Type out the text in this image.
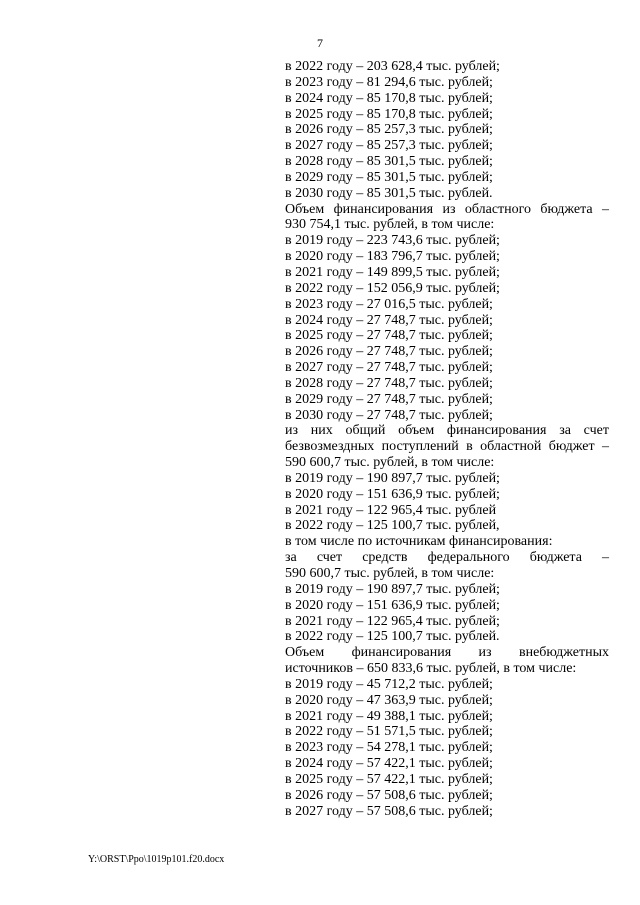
7
в 2022 году – 203 628,4 тыс. рублей;
в 2023 году – 81 294,6 тыс. рублей;
в 2024 году – 85 170,8 тыс. рублей;
в 2025 году – 85 170,8 тыс. рублей;
в 2026 году – 85 257,3 тыс. рублей;
в 2027 году – 85 257,3 тыс. рублей;
в 2028 году – 85 301,5 тыс. рублей;
в 2029 году – 85 301,5 тыс. рублей;
в 2030 году – 85 301,5 тыс. рублей.
Объем финансирования из областного бюджета –
930 754,1 тыс. рублей, в том числе:
в 2019 году – 223 743,6 тыс. рублей;
в 2020 году – 183 796,7 тыс. рублей;
в 2021 году – 149 899,5 тыс. рублей;
в 2022 году – 152 056,9 тыс. рублей;
в 2023 году – 27 016,5 тыс. рублей;
в 2024 году – 27 748,7 тыс. рублей;
в 2025 году – 27 748,7 тыс. рублей;
в 2026 году – 27 748,7 тыс. рублей;
в 2027 году – 27 748,7 тыс. рублей;
в 2028 году – 27 748,7 тыс. рублей;
в 2029 году – 27 748,7 тыс. рублей;
в 2030 году – 27 748,7 тыс. рублей;
из них общий объем финансирования за счет
безвозмездных поступлений в областной бюджет –
590 600,7 тыс. рублей, в том числе:
в 2019 году – 190 897,7 тыс. рублей;
в 2020 году – 151 636,9 тыс. рублей;
в 2021 году – 122 965,4 тыс. рублей
в 2022 году – 125 100,7 тыс. рублей,
в том числе по источникам финансирования:
за счет средств федерального бюджета –
590 600,7 тыс. рублей, в том числе:
в 2019 году – 190 897,7 тыс. рублей;
в 2020 году – 151 636,9 тыс. рублей;
в 2021 году – 122 965,4 тыс. рублей;
в 2022 году – 125 100,7 тыс. рублей.
Объем финансирования из внебюджетных
источников – 650 833,6 тыс. рублей, в том числе:
в 2019 году – 45 712,2 тыс. рублей;
в 2020 году – 47 363,9 тыс. рублей;
в 2021 году – 49 388,1 тыс. рублей;
в 2022 году – 51 571,5 тыс. рублей;
в 2023 году – 54 278,1 тыс. рублей;
в 2024 году – 57 422,1 тыс. рублей;
в 2025 году – 57 422,1 тыс. рублей;
в 2026 году – 57 508,6 тыс. рублей;
в 2027 году – 57 508,6 тыс. рублей;
Y:\ORST\Ppo\1019p101.f20.docx
